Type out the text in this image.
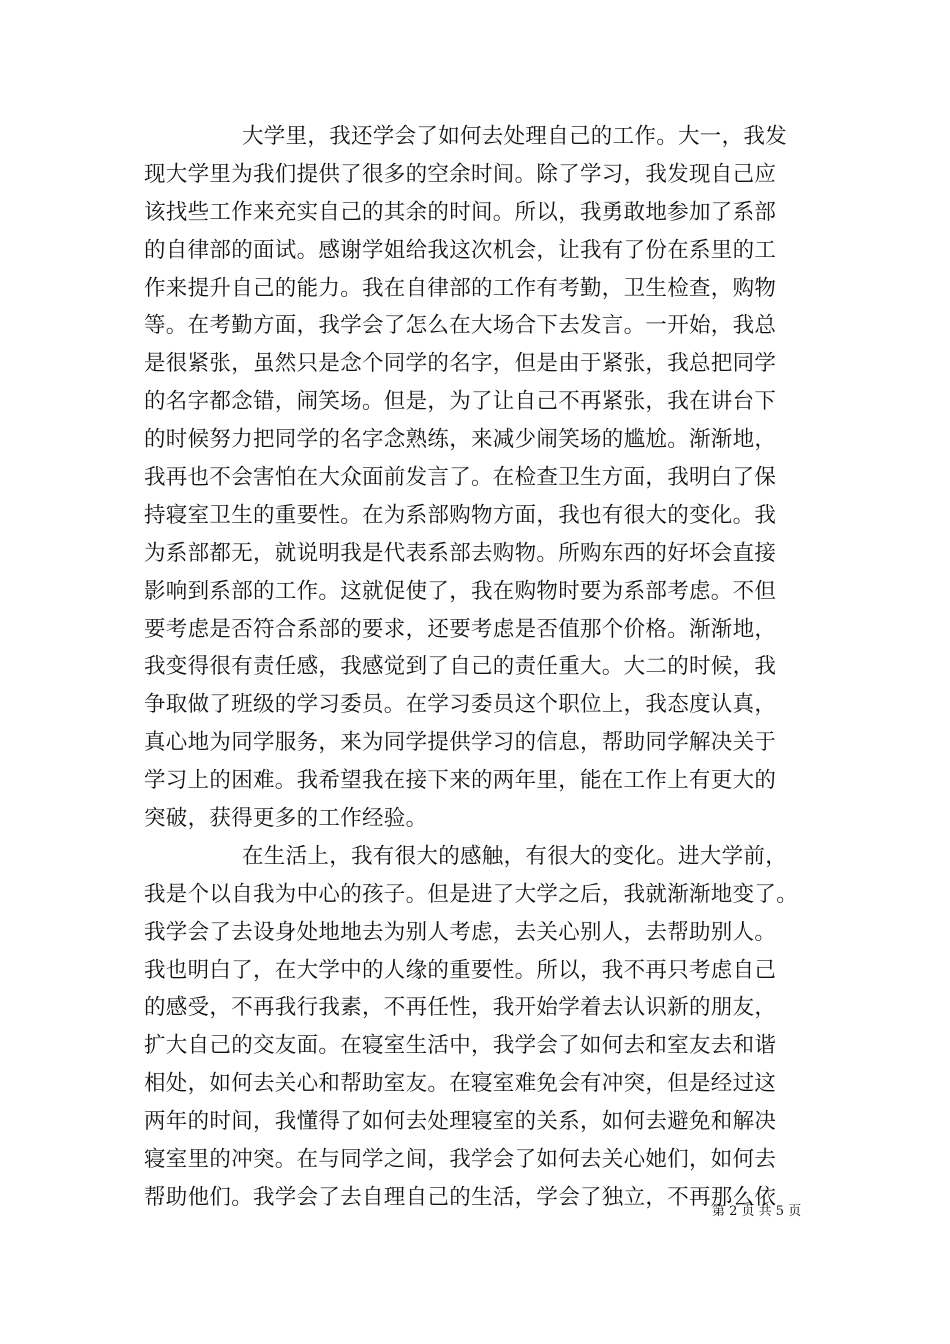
大学里，我还学会了如何去处理自己的工作。大一，我发
现大学里为我们提供了很多的空余时间。除了学习，我发现自己应
该找些工作来充实自己的其余的时间。所以，我勇敢地参加了系部
的自律部的面试。感谢学姐给我这次机会，让我有了份在系里的工
作来提升自己的能力。我在自律部的工作有考勤，卫生检查，购物
等。在考勤方面，我学会了怎么在大场合下去发言。一开始，我总
是很紧张，虽然只是念个同学的名字，但是由于紧张，我总把同学
的名字都念错，闹笑场。但是，为了让自己不再紧张，我在讲台下
的时候努力把同学的名字念熟练，来减少闹笑场的尴尬。渐渐地，
我再也不会害怕在大众面前发言了。在检查卫生方面，我明白了保
持寝室卫生的重要性。在为系部购物方面，我也有很大的变化。我
为系部都无，就说明我是代表系部去购物。所购东西的好坏会直接
影响到系部的工作。这就促使了，我在购物时要为系部考虑。不但
要考虑是否符合系部的要求，还要考虑是否值那个价格。渐渐地，
我变得很有责任感，我感觉到了自己的责任重大。大二的时候，我
争取做了班级的学习委员。在学习委员这个职位上，我态度认真，
真心地为同学服务，来为同学提供学习的信息，帮助同学解决关于
学习上的困难。我希望我在接下来的两年里，能在工作上有更大的
突破，获得更多的工作经验。
在生活上，我有很大的感触，有很大的变化。进大学前，
我是个以自我为中心的孩子。但是进了大学之后，我就渐渐地变了。
我学会了去设身处地地去为别人考虑，去关心别人，去帮助别人。
我也明白了，在大学中的人缘的重要性。所以，我不再只考虑自己
的感受，不再我行我素，不再任性，我开始学着去认识新的朋友，
扩大自己的交友面。在寝室生活中，我学会了如何去和室友去和谐
相处，如何去关心和帮助室友。在寝室难免会有冲突，但是经过这
两年的时间，我懂得了如何去处理寝室的关系，如何去避免和解决
寝室里的冲突。在与同学之间，我学会了如何去关心她们，如何去
帮助他们。我学会了去自理自己的生活，学会了独立，不再那么依
第 2 页 共 5 页
